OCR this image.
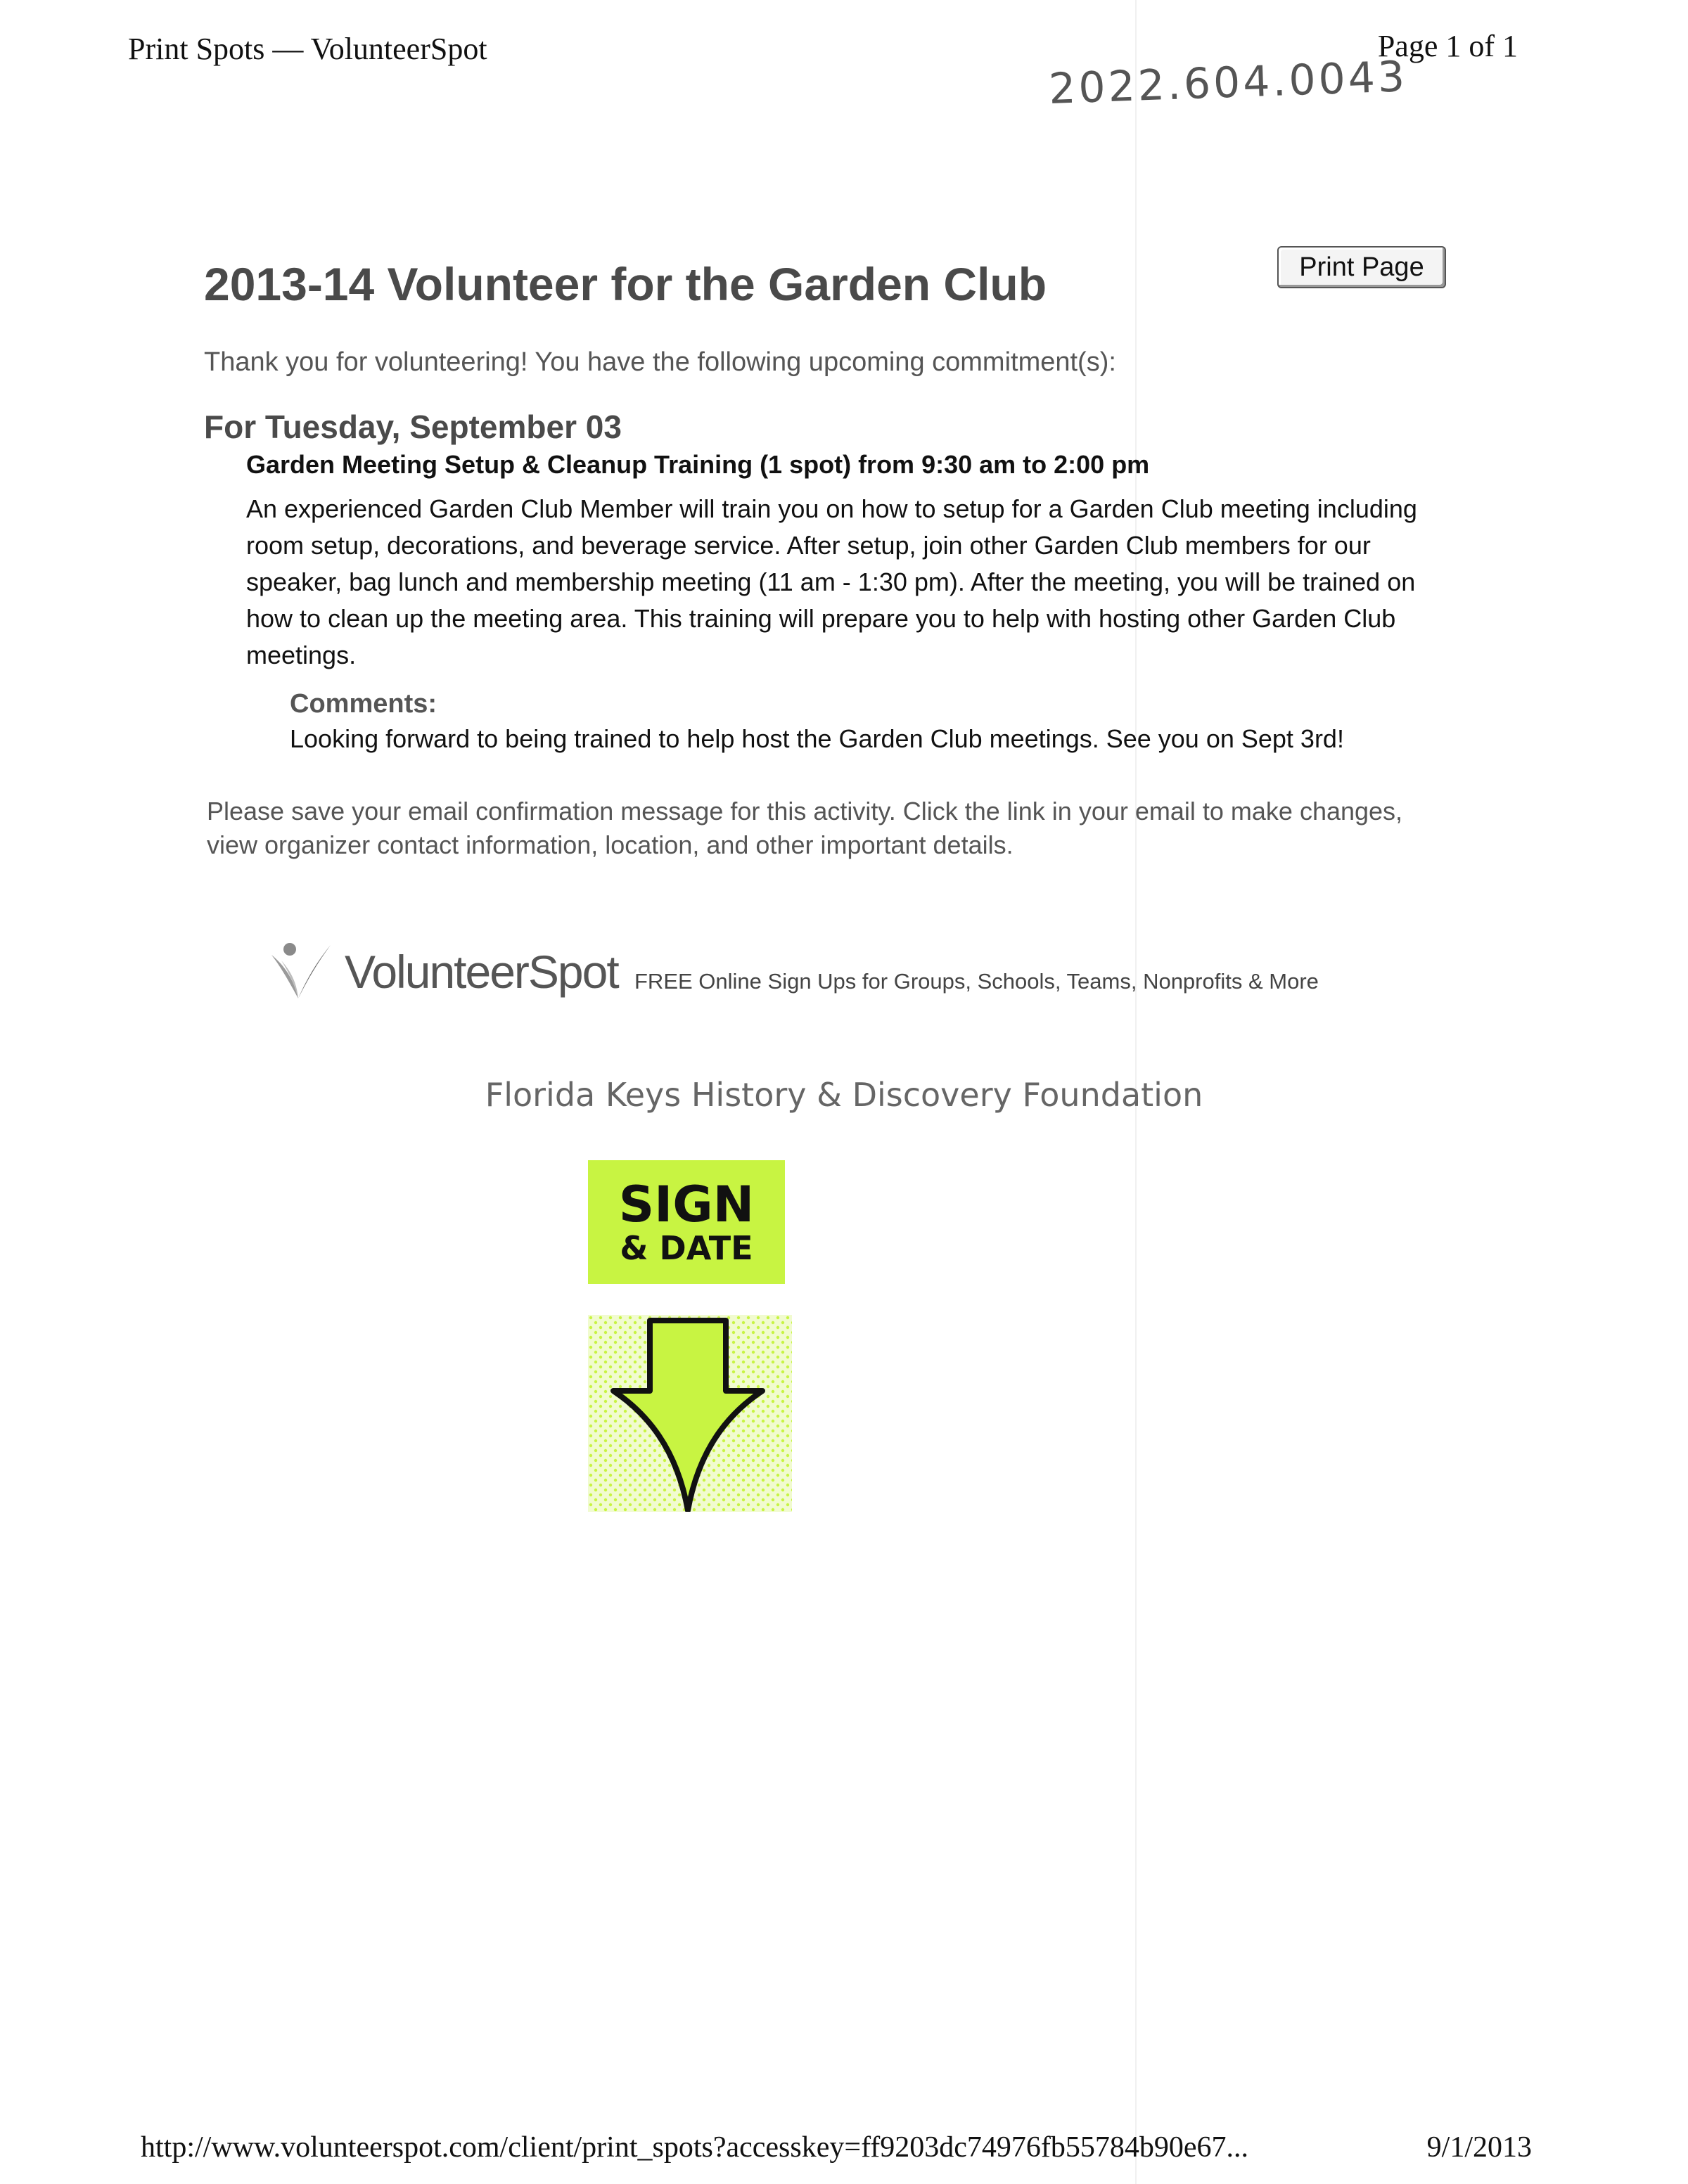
Print Spots — VolunteerSpot	Page 1 of 1
2022.604.0043
2013-14 Volunteer for the Garden Club	Print Page
Thank you for volunteering! You have the following upcoming commitment(s):
For Tuesday, September 03
Garden Meeting Setup & Cleanup Training (1 spot) from 9:30 am to 2:00 pm
An experienced Garden Club Member will train you on how to setup for a Garden Club meeting including room setup, decorations, and beverage service. After setup, join other Garden Club members for our speaker, bag lunch and membership meeting (11 am - 1:30 pm). After the meeting, you will be trained on how to clean up the meeting area. This training will prepare you to help with hosting other Garden Club meetings.
Comments:
Looking forward to being trained to help host the Garden Club meetings. See you on Sept 3rd!
Please save your email confirmation message for this activity. Click the link in your email to make changes, view organizer contact information, location, and other important details.
VolunteerSpot FREE Online Sign Ups for Groups, Schools, Teams, Nonprofits & More
Florida Keys History & Discovery Foundation
SIGN
& DATE
http://www.volunteerspot.com/client/print_spots?accesskey=ff9203dc74976fb55784b90e67...	9/1/2013
